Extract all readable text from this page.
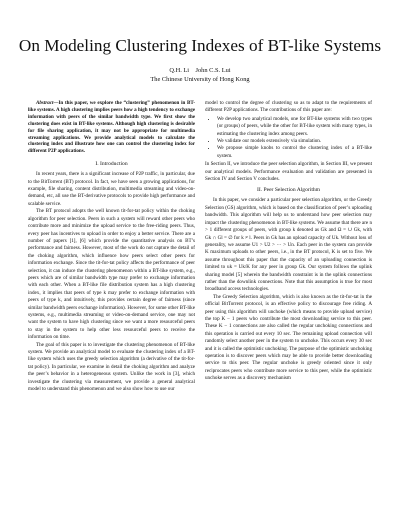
On Modeling Clustering Indexes of BT-like Systems
Q.H. Li    John C.S. Lui
The Chinese University of Hong Kong
Abstract—In this paper, we explore the “clustering” phenomenon in BT-like systems. A high clustering implies peers how a high tendency to exchange information with peers of the similar bandwidth type. We first show the clustering does exist in BT-like systems. Although high clustering is desirable for file sharing application, it may not be appropriate for multimedia streaming applications. We provide analytical models to calculate the clustering index and illustrate how one can control the clustering index for different P2P applications.
I. Introduction

In recent years, there is a significant increase of P2P traffic, in particular, due to the BitTorrent (BT) protocol. In fact, we have seen a growing applications, for example, file sharing, content distribution, multimedia streaming and video-on-demand, etc, all use the BT-derivative protocols to provide high performance and scalable service.

The BT protocol adopts the well known tit-for-tat policy within the choking algorithm for peer selection. Peers in such a system will reward other peers who contribute more and minimize the upload service to the free-riding peers. Thus, every peer has incentives to upload in order to enjoy a better service. There are a number of papers [1], [6] which provide the quantitative analysis on BT’s performance and fairness. However, most of the work do not capture the detail of the choking algorithm, which influence how peers select other peers for information exchange. Since the tit-for-tat policy affects the performance of peer selection, it can induce the clustering phenomenon within a BT-like system, e.g., peers which are of similar bandwidth type may prefer to exchange information with each other. When a BT-like file distribution system has a high clustering index, it implies that peers of type k may prefer to exchange information with peers of type k, and intuitively, this provides certain degree of fairness (since similar bandwidth peers exchange information). However, for some other BT-like systems, e.g., multimedia streaming or video-on-demand service, one may not want the system to have high clustering since we want a more resourceful peers to stay in the system to help other less resourceful peers to receive the information on time.

The goal of this paper is to investigate the clustering phenomenon of BT-like system. We provide an analytical model to evaluate the clustering index of a BT-like system which uses the greedy selection algorithm (a derivative of the tit-for-tat policy). In particular, we examine in detail the choking algorithm and analyze the peer’s behavior in a heterogeneous system. Unlike the work in [3], which investigate the clustering via measurement, we provide a general analytical model to understand this phenomenon and we also show how to use our

model to control the degree of clustering so as to adapt to the requirements of different P2P applications. The contributions of this paper are:

• We develop two analytical models, one for BT-like systems with two types (or groups) of peers, while the other for BT-like system with many types, in estimating the clustering index among peers.
• We validate our models extensively via simulation.
• We propose simple knobs to control the clustering index of a BT-like system.

In Section II, we introduce the peer selection algorithm, in Section III, we present our analytical models. Performance evaluation and validation are presented in Section IV and Section V concludes.

II. Peer Selection Algorithm

In this paper, we consider a particular peer selection algorithm, or the Greedy Selection (GS) algorithm, which is based on the classification of peer’s uploading bandwidth. This algorithm will help us to understand how peer selection may impact the clustering phenomenon in BT-like systems. We assume that there are n > 1 different groups of peers, with group k denoted as Gk and Ω = ∪ Gk, with Gk ∩ Gl = ∅ for k ≠ l. Peers in Gk has an upload capacity of Uk. Without loss of generality, we assume U1 > U2 > ··· > Un. Each peer in the system can provide K maximum uploads to other peers, i.e., in the BT protocol, K is set to five. We assume throughout this paper that the capacity of an uploading connection is limited to uk = Uk/K for any peer in group Gk. Our system follows the uplink sharing model [5] wherein the bandwidth constraint is in the uplink connections rather than the downlink connections. Note that this assumption is true for most broadband access technologies.

The Greedy Selection algorithm, which is also known as the tit-for-tat in the official BitTorrent protocol, is an effective policy to discourage free riding. A peer using this algorithm will unchoke (which means to provide upload service) the top K − 1 peers who contribute the most downloading service to this peer. These K − 1 connections are also called the regular unchoking connections and this operation is carried out every 10 sec. The remaining upload connection will randomly select another peer in the system to unchoke. This occurs every 30 sec and it is called the optimistic unchoking. The purpose of the optimistic unchoking operation is to discover peers which may be able to provide better downloading service to this peer. The regular unchoke is greedy oriented since it only reciprocates peers who contribute more service to this peer, while the optimistic unchoke serves as a discovery mechanism
